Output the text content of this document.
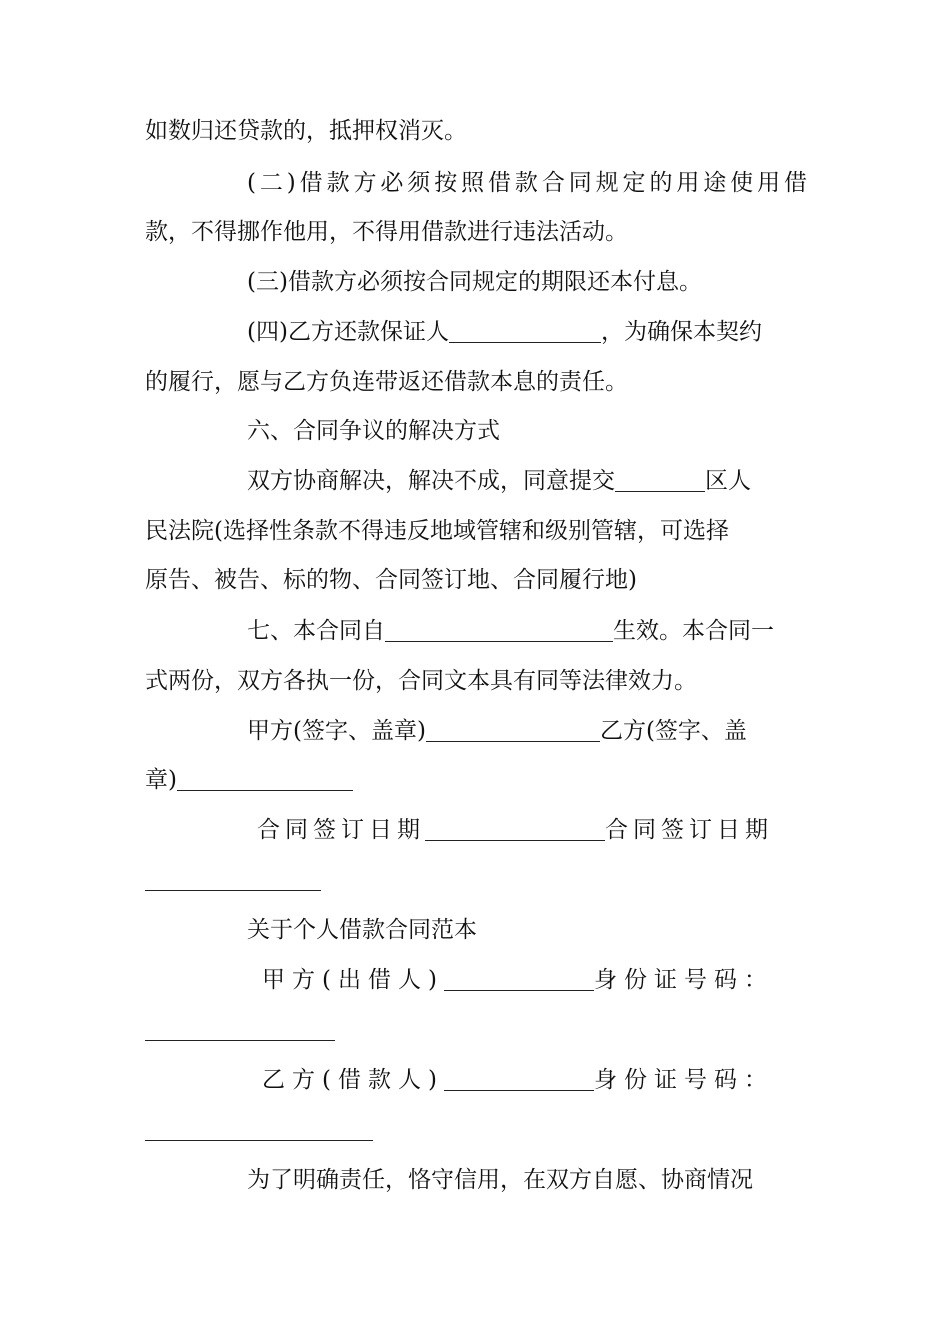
如数归还贷款的，抵押权消灭。

(二)借款方必须按照借款合同规定的用途使用借

款，不得挪作他用，不得用借款进行违法活动。

(三)借款方必须按合同规定的期限还本付息。

(四)乙方还款保证人	，为确保本契约

的履行，愿与乙方负连带返还借款本息的责任。

六、合同争议的解决方式

双方协商解决，解决不成，同意提交	区人

民法院(选择性条款不得违反地域管辖和级别管辖，可选择

原告、被告、标的物、合同签订地、合同履行地)

七、本合同自	生效。本合同一

式两份，双方各执一份，合同文本具有同等法律效力。

甲方(签字、盖章)	乙方(签字、盖

章)

合同签订日期	合同签订日期

关于个人借款合同范本

甲方(出借人)	身份证号码：

乙方(借款人)	身份证号码：

为了明确责任，恪守信用，在双方自愿、协商情况
